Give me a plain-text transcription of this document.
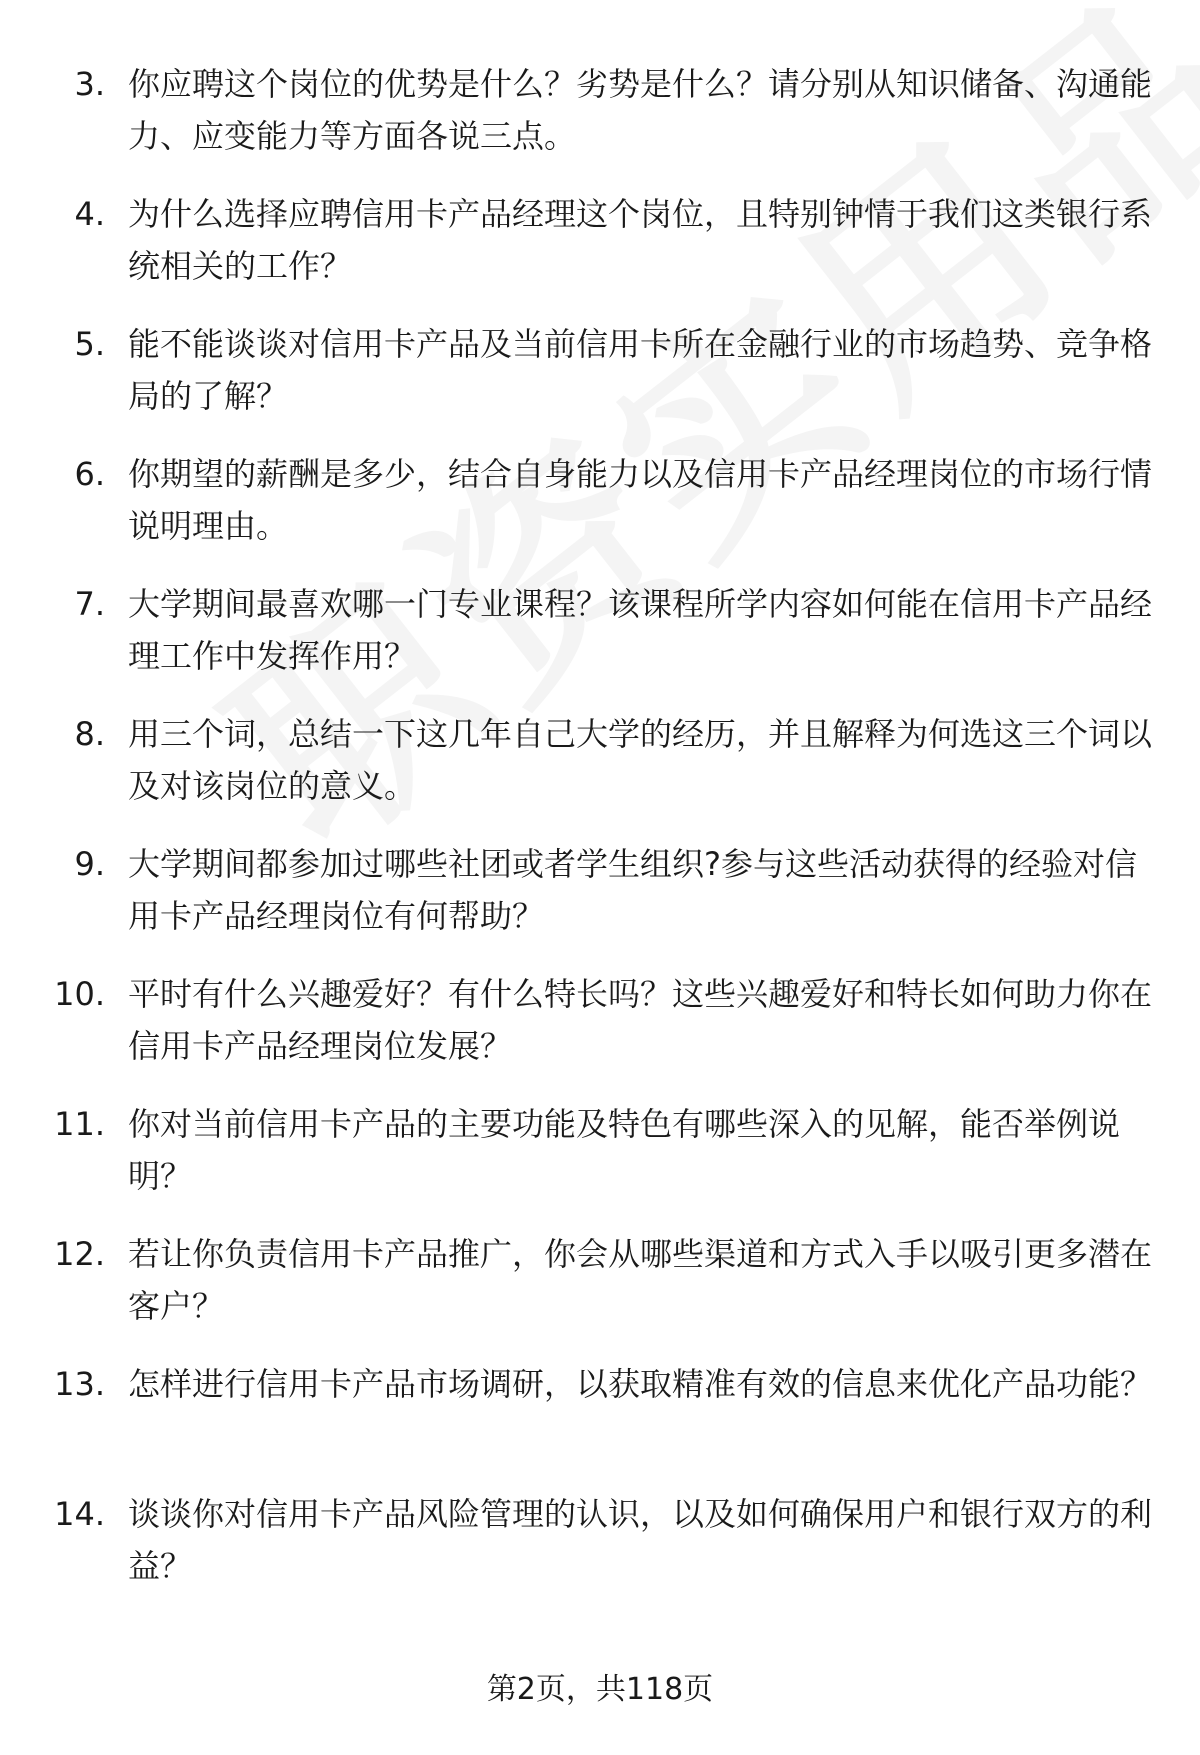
3. 你应聘这个岗位的优势是什么？劣势是什么？请分别从知识储备、沟通能力、应变能力等方面各说三点。

4. 为什么选择应聘信用卡产品经理这个岗位，且特别钟情于我们这类银行系统相关的工作？

5. 能不能谈谈对信用卡产品及当前信用卡所在金融行业的市场趋势、竞争格局的了解？

6. 你期望的薪酬是多少，结合自身能力以及信用卡产品经理岗位的市场行情说明理由。

7. 大学期间最喜欢哪一门专业课程？该课程所学内容如何能在信用卡产品经理工作中发挥作用？

8. 用三个词，总结一下这几年自己大学的经历，并且解释为何选这三个词以及对该岗位的意义。

9. 大学期间都参加过哪些社团或者学生组织?参与这些活动获得的经验对信用卡产品经理岗位有何帮助？

10. 平时有什么兴趣爱好？有什么特长吗？这些兴趣爱好和特长如何助力你在信用卡产品经理岗位发展？

11. 你对当前信用卡产品的主要功能及特色有哪些深入的见解，能否举例说明？

12. 若让你负责信用卡产品推广，你会从哪些渠道和方式入手以吸引更多潜在客户？

13. 怎样进行信用卡产品市场调研，以获取精准有效的信息来优化产品功能？

14. 谈谈你对信用卡产品风险管理的认识，以及如何确保用户和银行双方的利益？

第2页，共118页
